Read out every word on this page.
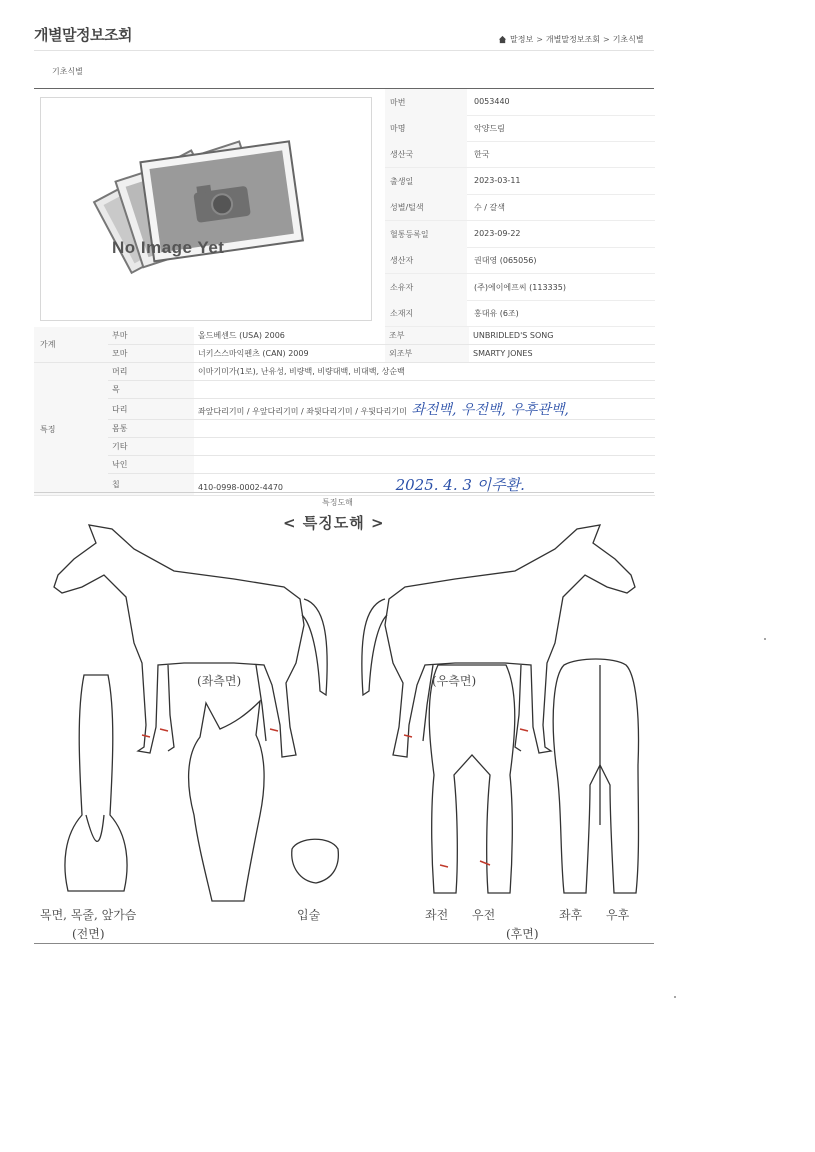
개별말정보조회	말정보 > 개별말정보조회 > 기초식별
기초식별
No Image Yet
마번	0053440
마명	악양드림
생산국	한국
출생일	2023-03-11
성별/털색	수 / 갈색
혈통등록일	2023-09-22
생산자	권대영 (065056)
소유자	(주)에이에프씨 (113335)
소재지	홍대유 (6조)
가계	부마	올드베센드 (USA) 2006	조부	UNBRIDLED'S SONG
	모마	너키스스마익펜츠 (CAN) 2009	외조부	SMARTY JONES
특징	머리	이마기미가(1로), 난유성, 비량백, 비량대백, 비대백, 상순백		
	목			
	다리	좌앞다리기미 / 우앞다리기미 / 좌뒷다리기미 / 우뒷다리기미 좌전백, 우전백, 우후관백,		
	몸통			
	기타			
	낙인			
	칩	410-0998-0002-4470 2025. 4. 3 이주환.		
특징도해
< 특징도해 >
(좌측면)	(우측면)
목면, 목줄, 앞가슴
(전면)
입술	좌전 우전	좌후 우후
(후면)
